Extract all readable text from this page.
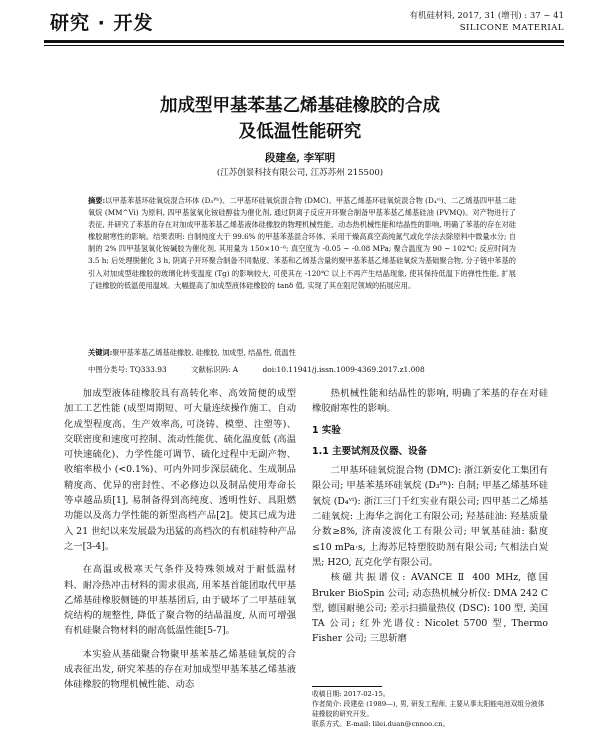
研究 · 开发	有机硅材料, 2017, 31 (增刊) : 37 ~ 41
SILICONE MATERIAL
加成型甲基苯基乙烯基硅橡胶的合成
及低温性能研究
段建垒, 李军明
(江苏创景科技有限公司, 江苏苏州 215500)

摘要:以甲基苯基环硅氧烷混合环体 (D₃ᴾʰ)、二甲基环硅氧烷混合物 (DMC)、甲基乙烯基环硅氧烷混合物 (D₄ᵛⁱ)、二乙烯基四甲基二硅氧烷 (MM^Vi) 为原料, 四甲基氢氧化铵硅醇盐为催化剂, 通过阴离子反应开环聚合制备甲基苯基乙烯基硅油 (PVMQ)。对产物进行了表征, 并研究了苯基的存在对加成甲基苯基乙烯基液体硅橡胶的物理机械性能、动态热机械性能和结晶性的影响, 明确了苯基的存在对硅橡胶耐寒性的影响。结果表明: 自制纯度大于 99.6% 的甲基苯基混合环体、采用干燥高真空高纯氮气或化学法去除原料中微量水分; 自制的 2% 四甲基氢氧化铵碱胶为催化剂, 其用量为 150×10⁻⁶; 真空度为 -0.05 ~ -0.08 MPa; 聚合温度为 90 ~ 102℃; 反应时间为 3.5 h; 后处理脱催化 3 h, 阴离子开环聚合制备不同黏度、苯基和乙烯基含量的聚甲基苯基乙烯基硅氧烷为基础聚合物, 分子链中苯基的引入对加成型硅橡胶的玻璃化转变温度 (Tg) 的影响较大, 可使其在 -120℃ 以上不再产生结晶现象, 使其保持低温下的弹性性能, 扩展了硅橡胶的低温使用温域。大幅提高了加成型液体硅橡胶的 tanδ 值, 实现了其在阻尼领域的拓展应用。

关键词:聚甲基苯基乙烯基硅橡胶, 硅橡胶, 加成型, 结晶性, 低温性
中图分类号: TQ333.93	文献标识码: A	doi:10.11941/j.issn.1009-4369.2017.z1.008

加成型液体硅橡胶具有高转化率、高效简便的成型加工工艺性能 (成型周期短、可大量连续操作施工、自动化成型程度高、生产效率高, 可浇铸、模塑、注塑等)、交联密度和速度可控制、流动性能优、硫化温度低 (高温可快速硫化)、力学性能可调节、硫化过程中无副产物、收缩率极小 (<0.1%)、可内外同步深层硫化、生成制品精度高、优异的密封性、不必修边以及制品使用寿命长等卓越品质[1], 易制备得到高纯度、透明性好、具阻燃功能以及高力学性能的新型高档产品[2]。使其已成为进入 21 世纪以来发展最为迅猛的高档次的有机硅特种产品之一[3-4]。

在高温或极寒天气条件及特殊领域对于耐低温材料、耐冷热冲击材料的需求很高, 用苯基首能团取代甲基乙烯基硅橡胶侧链的甲基基团后, 由于破坏了二甲基硅氧烷结构的规整性, 降低了聚合物的结晶温度, 从而可增强有机硅聚合物材料的耐高低温性能[5-7]。

本实验从基础聚合物聚甲基苯基乙烯基硅氧烷的合成表征出发, 研究苯基的存在对加成型甲基苯基乙烯基液体硅橡胶的物理机械性能、动态

热机械性能和结晶性的影响, 明确了苯基的存在对硅橡胶耐寒性的影响。

1 实验
1.1 主要试剂及仪器、设备

二甲基环硅氧烷混合物 (DMC): 浙江新安化工集团有限公司; 甲基苯基环硅氧烷 (D₃ᴾʰ): 自制; 甲基乙烯基环硅氧烷 (D₄ᵛⁱ): 浙江三门千红实业有限公司; 四甲基二乙烯基二硅氧烷: 上海华之润化工有限公司; 羟基硅油: 羟基质量分数≥8%, 济南凌波化工有限公司; 甲氧基硅油: 黏度≤10 mPa·s, 上海苏尼特塑胶助剂有限公司; 气相法白炭黑; H2O, 瓦克化学有限公司。

核磁共振谱仪: AVANCE Ⅱ 400 MHz, 德国 Bruker BioSpin 公司; 动态热机械分析仪: DMA 242 C 型, 德国耐驰公司; 差示扫描量热仪 (DSC): 100 型, 美国 TA 公司; 红外光谱仪: Nicolet 5700 型, Thermo Fisher 公司; 三思斩磨

收稿日期: 2017-02-15。

作者简介: 段建垒 (1989—), 男, 研发工程师, 主要从事太阳能电池双组分液体硅橡胶的研究开发。

联系方式。E-mail: lilei.duan@cnnoo.cn。
